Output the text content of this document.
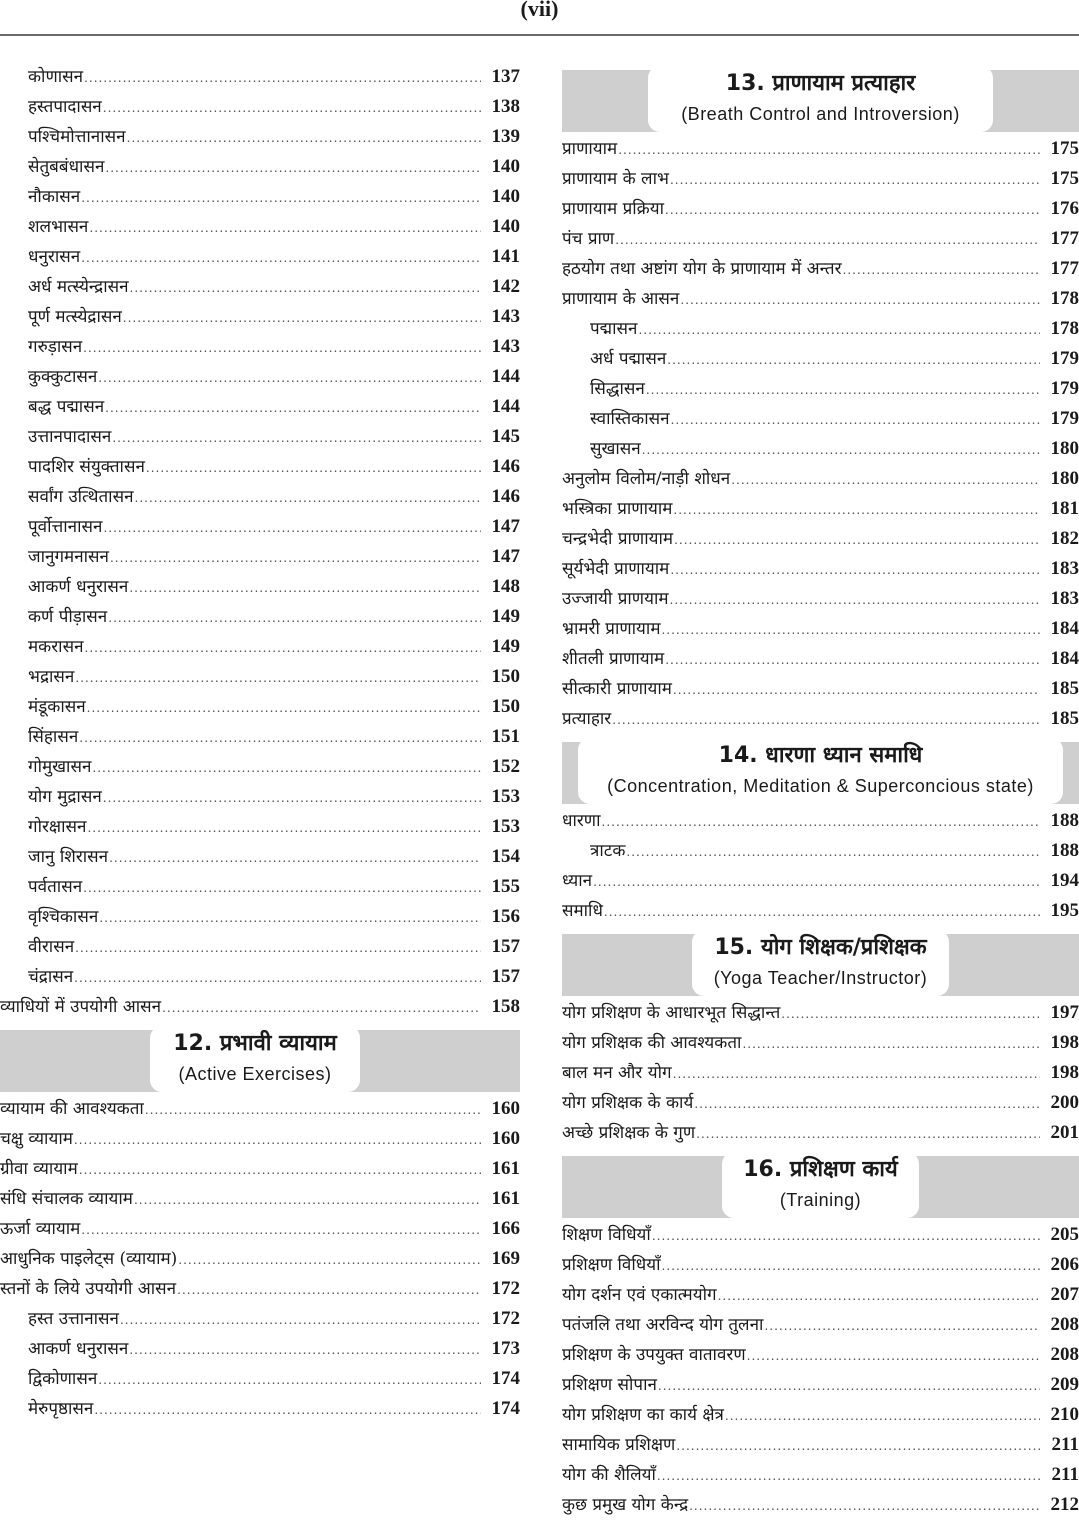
(vii)
कोणासन .....	137
हस्तपादासन .....	138
पश्चिमोत्तानासन .....	139
सेतुबबंधासन .....	140
नौकासन .....	140
शलभासन .....	140
धनुरासन .....	141
अर्ध मत्स्येन्द्रासन .....	142
पूर्ण मत्स्येद्रासन .....	143
गरुड़ासन .....	143
कुक्कुटासन .....	144
बद्ध पद्मासन .....	144
उत्तानपादासन .....	145
पादशिर संयुक्तासन .....	146
सर्वांग उत्थितासन .....	146
पूर्वोत्तानासन .....	147
जानुगमनासन .....	147
आकर्ण धनुरासन .....	148
कर्ण पीड़ासन .....	149
मकरासन .....	149
भद्रासन .....	150
मंडूकासन .....	150
सिंहासन .....	151
गोमुखासन .....	152
योग मुद्रासन .....	153
गोरक्षासन .....	153
जानु शिरासन .....	154
पर्वतासन .....	155
वृश्चिकासन .....	156
वीरासन .....	157
चंद्रासन .....	157
व्याधियों में उपयोगी आसन .....	158
12. प्रभावी व्यायाम
(Active Exercises)
व्यायाम की आवश्यकता .....	160
चक्षु व्यायाम .....	160
ग्रीवा व्यायाम .....	161
संधि संचालक व्यायाम .....	161
ऊर्जा व्यायाम .....	166
आधुनिक पाइलेट्स (व्यायाम) .....	169
स्तनों के लिये उपयोगी आसन .....	172
हस्त उत्तानासन .....	172
आकर्ण धनुरासन .....	173
द्विकोणासन .....	174
मेरुपृष्ठासन .....	174
13. प्राणायाम प्रत्याहार
(Breath Control and Introversion)
प्राणायाम .....	175
प्राणायाम के लाभ .....	175
प्राणायाम प्रक्रिया .....	176
पंच प्राण .....	177
हठयोग तथा अष्टांग योग के प्राणायाम में अन्तर .....	177
प्राणायाम के आसन .....	178
पद्मासन .....	178
अर्ध पद्मासन .....	179
सिद्धासन .....	179
स्वास्तिकासन .....	179
सुखासन .....	180
अनुलोम विलोम/नाड़ी शोधन .....	180
भस्त्रिका प्राणायाम .....	181
चन्द्रभेदी प्राणायाम .....	182
सूर्यभेदी प्राणायाम .....	183
उज्जायी प्राणयाम .....	183
भ्रामरी प्राणायाम .....	184
शीतली प्राणायाम .....	184
सीत्कारी प्राणायाम .....	185
प्रत्याहार .....	185
14. धारणा ध्यान समाधि
(Concentration, Meditation & Superconcious state)
धारणा .....	188
त्राटक .....	188
ध्यान .....	194
समाधि .....	195
15. योग शिक्षक/प्रशिक्षक
(Yoga Teacher/Instructor)
योग प्रशिक्षण के आधारभूत सिद्धान्त .....	197
योग प्रशिक्षक की आवश्यकता .....	198
बाल मन और योग .....	198
योग प्रशिक्षक के कार्य .....	200
अच्छे प्रशिक्षक के गुण .....	201
16. प्रशिक्षण कार्य
(Training)
शिक्षण विधियाँ .....	205
प्रशिक्षण विधियाँ .....	206
योग दर्शन एवं एकात्मयोग .....	207
पतंजलि तथा अरविन्द योग तुलना .....	208
प्रशिक्षण के उपयुक्त वातावरण .....	208
प्रशिक्षण सोपान .....	209
योग प्रशिक्षण का कार्य क्षेत्र .....	210
सामायिक प्रशिक्षण .....	211
योग की शैलियाँ .....	211
कुछ प्रमुख योग केन्द्र .....	212
